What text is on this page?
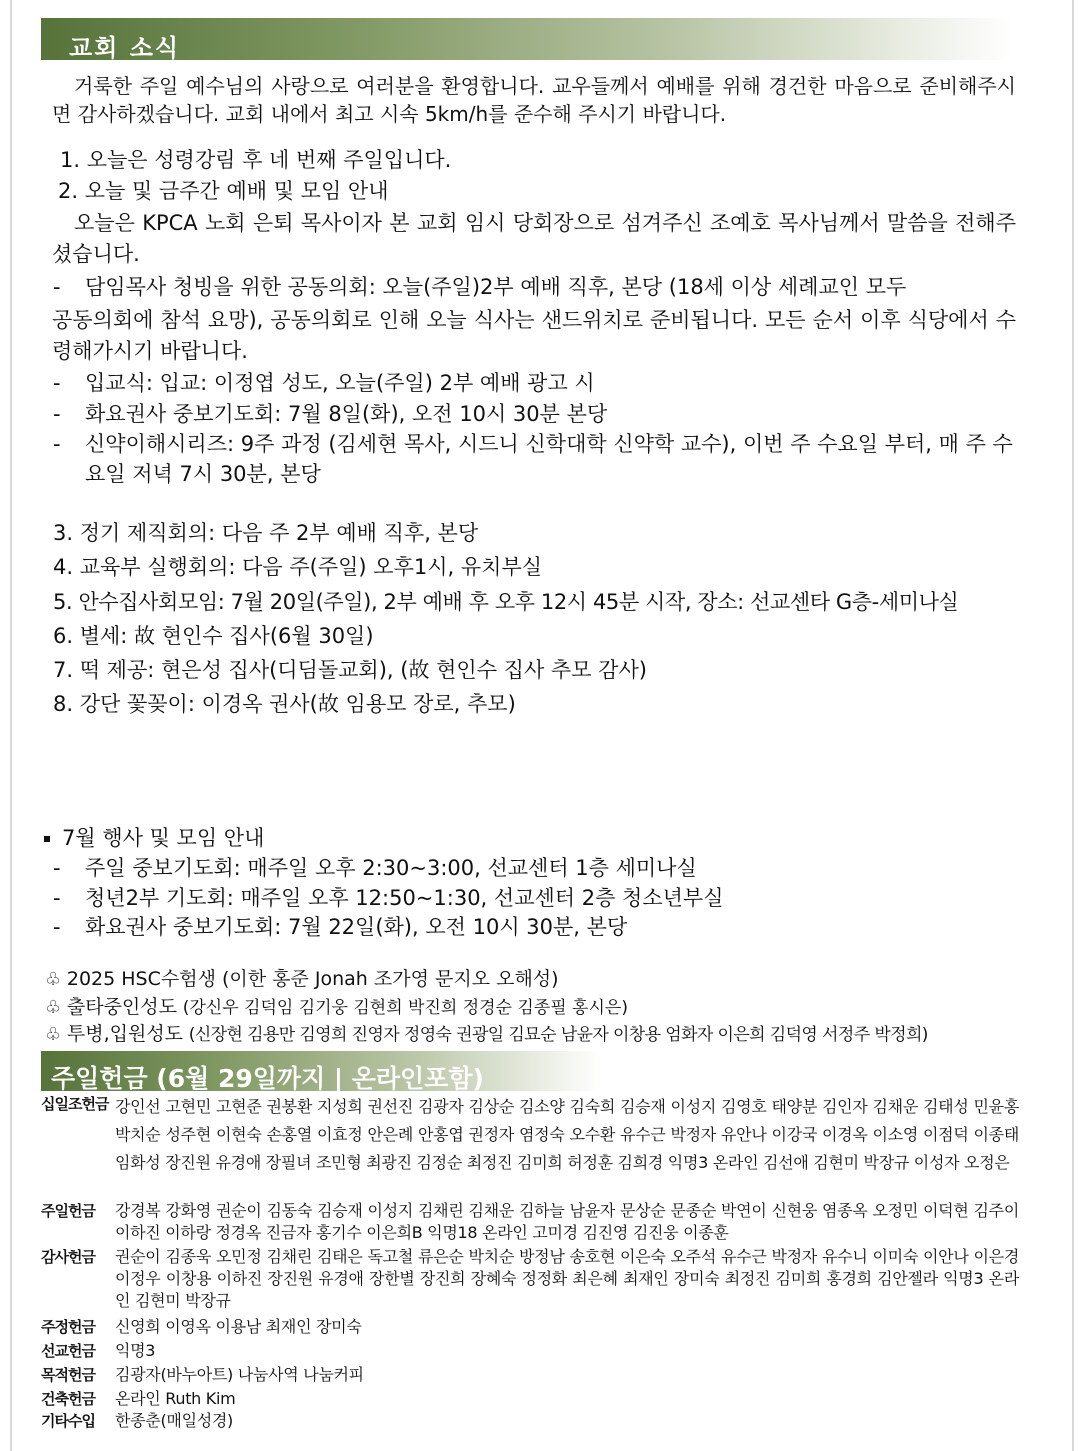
교회 소식
거룩한 주일 예수님의 사랑으로 여러분을 환영합니다. 교우들께서 예배를 위해 경건한 마음으로 준비해주시면 감사하겠습니다. 교회 내에서 최고 시속 5km/h를 준수해 주시기 바랍니다.
1. 오늘은 성령강림 후 네 번째 주일입니다.
2. 오늘 및 금주간 예배 및 모임 안내
오늘은 KPCA 노회 은퇴 목사이자 본 교회 임시 당회장으로 섬겨주신 조예호 목사님께서 말씀을 전해주셨습니다.
-	담임목사 청빙을 위한 공동의회: 오늘(주일)2부 예배 직후, 본당 (18세 이상 세례교인 모두
공동의회에 참석 요망), 공동의회로 인해 오늘 식사는 샌드위치로 준비됩니다. 모든 순서 이후 식당에서 수령해가시기 바랍니다.
-	입교식: 입교: 이정엽 성도, 오늘(주일) 2부 예배 광고 시
-	화요권사 중보기도회: 7월 8일(화), 오전 10시 30분 본당
-	신약이해시리즈: 9주 과정 (김세현 목사, 시드니 신학대학 신약학 교수), 이번 주 수요일 부터, 매 주 수요일 저녁 7시 30분, 본당
3. 정기 제직회의: 다음 주 2부 예배 직후, 본당
4. 교육부 실행회의: 다음 주(주일) 오후1시, 유치부실
5. 안수집사회모임: 7월 20일(주일), 2부 예배 후 오후 12시 45분 시작, 장소: 선교센타 G층-세미나실
6. 별세: 故 현인수 집사(6월 30일)
7. 떡 제공: 현은성 집사(디딤돌교회), (故 현인수 집사 추모 감사)
8. 강단 꽃꽂이: 이경옥 권사(故 임용모 장로, 추모)
7월 행사 및 모임 안내
-	주일 중보기도회: 매주일 오후 2:30~3:00, 선교센터 1층 세미나실
-	청년2부 기도회: 매주일 오후 12:50~1:30, 선교센터 2층 청소년부실
-	화요권사 중보기도회: 7월 22일(화), 오전 10시 30분, 본당
♧ 2025 HSC수험생 (이한 홍준 Jonah 조가영 문지오 오해성)
♧ 출타중인성도 (강신우 김덕임 김기웅 김현희 박진희 정경순 김종필 홍시은)
♧ 투병,입원성도 (신장현 김용만 김영희 진영자 정영숙 권광일 김묘순 남윤자 이창용 엄화자 이은희 김덕영 서정주 박정희)
주일헌금 (6월 29일까지 | 온라인포함)
십일조헌금 강인선 고현민 고현준 권봉환 지성희 권선진 김광자 김상순 김소양 김숙희 김승재 이성지 김영호 태양분 김인자 김채운 김태성 민윤홍 박치순 성주현 이현숙 손홍열 이효정 안은례 안홍엽 권정자 염정숙 오수환 유수근 박정자 유안나 이강국 이경옥 이소영 이점덕 이종태 임화성 장진원 유경애 장필녀 조민형 최광진 김정순 최정진 김미희 허정훈 김희경 익명3 온라인 김선애 김현미 박장규 이성자 오정은
주일헌금 강경복 강화영 권순이 김동숙 김승재 이성지 김채린 김채운 김하늘 남윤자 문상순 문종순 박연이 신현웅 염종옥 오정민 이덕현 김주이 이하진 이하랑 정경옥 진금자 홍기수 이은희B 익명18 온라인 고미경 김진영 김진웅 이종훈
감사헌금 권순이 김종욱 오민정 김채린 김태은 독고철 류은순 박치순 방정남 송호현 이은숙 오주석 유수근 박정자 유수니 이미숙 이안나 이은경 이정우 이창용 이하진 장진원 유경애 장한별 장진희 장혜숙 정정화 최은혜 최재인 장미숙 최정진 김미희 홍경희 김안젤라 익명3 온라인 김현미 박장규
주정헌금 신영희 이영옥 이용남 최재인 장미숙
선교헌금 익명3
목적헌금 김광자(바누아트) 나눔사역 나눔커피
건축헌금 온라인 Ruth Kim
기타수입 한종춘(매일성경)
